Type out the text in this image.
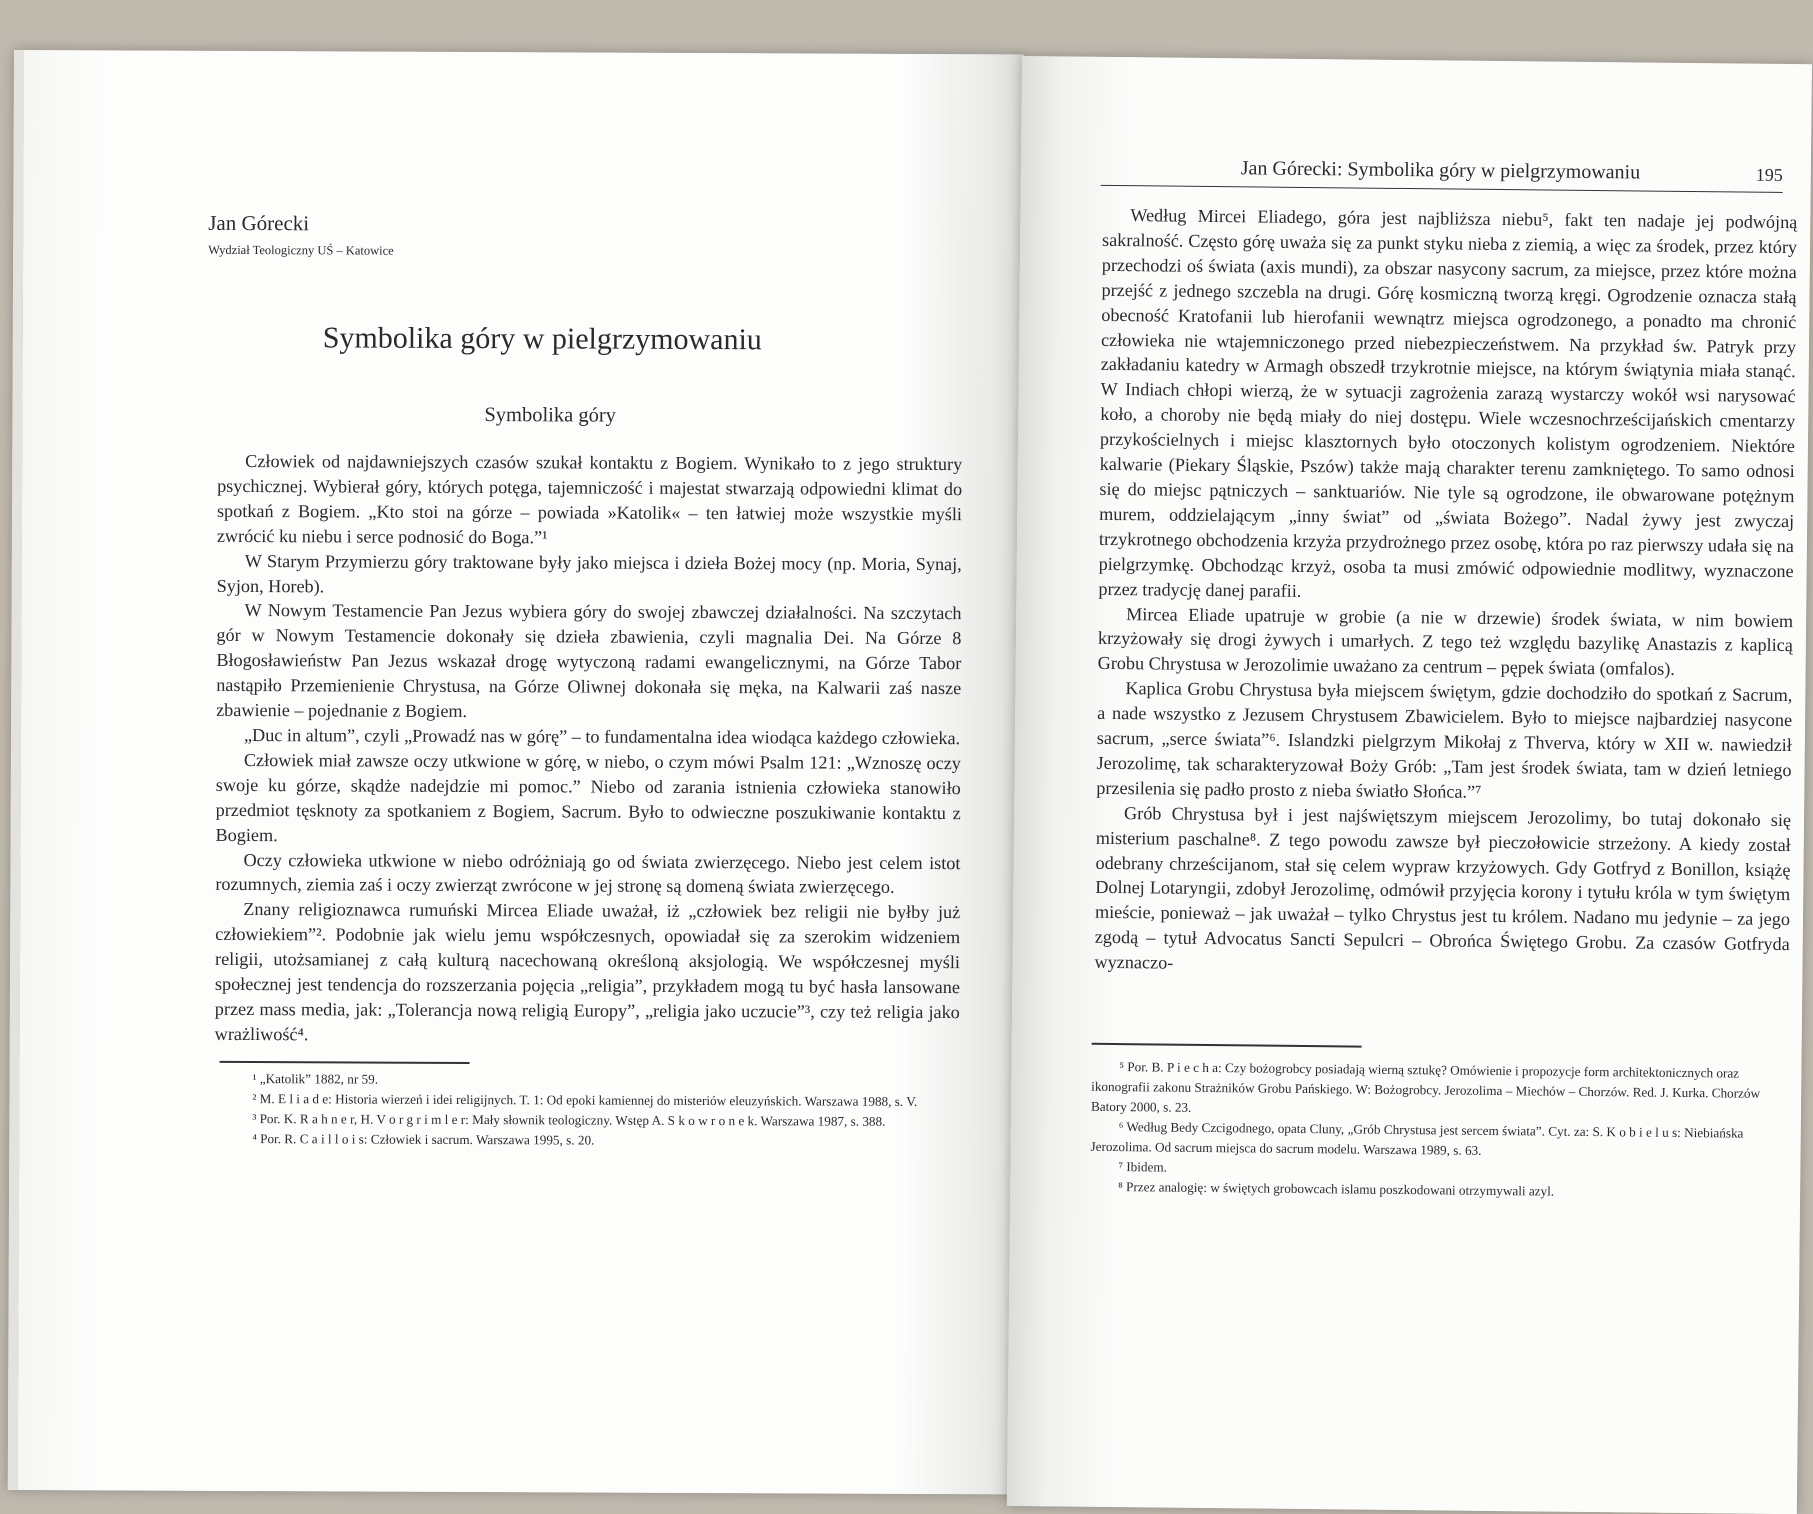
Jan Górecki
Wydział Teologiczny UŚ – Katowice
Symbolika góry w pielgrzymowaniu
Symbolika góry

Człowiek od najdawniejszych czasów szukał kontaktu z Bogiem. Wynikało to z jego struktury psychicznej. Wybierał góry, których potęga, tajemniczość i majestat stwarzają odpowiedni klimat do spotkań z Bogiem. „Kto stoi na górze – powiada »Katolik« – ten łatwiej może wszystkie myśli zwrócić ku niebu i serce podnosić do Boga.”¹

W Starym Przymierzu góry traktowane były jako miejsca i dzieła Bożej mocy (np. Moria, Synaj, Syjon, Horeb).

W Nowym Testamencie Pan Jezus wybiera góry do swojej zbawczej działalności. Na szczytach gór w Nowym Testamencie dokonały się dzieła zbawienia, czyli magnalia Dei. Na Górze 8 Błogosławieństw Pan Jezus wskazał drogę wytyczoną radami ewangelicznymi, na Górze Tabor nastąpiło Przemienienie Chrystusa, na Górze Oliwnej dokonała się męka, na Kalwarii zaś nasze zbawienie – pojednanie z Bogiem.

„Duc in altum”, czyli „Prowadź nas w górę” – to fundamentalna idea wiodąca każdego człowieka.

Człowiek miał zawsze oczy utkwione w górę, w niebo, o czym mówi Psalm 121: „Wznoszę oczy swoje ku górze, skądże nadejdzie mi pomoc.” Niebo od zarania istnienia człowieka stanowiło przedmiot tęsknoty za spotkaniem z Bogiem, Sacrum. Było to odwieczne poszukiwanie kontaktu z Bogiem.

Oczy człowieka utkwione w niebo odróżniają go od świata zwierzęcego. Niebo jest celem istot rozumnych, ziemia zaś i oczy zwierząt zwrócone w jej stronę są domeną świata zwierzęcego.

Znany religioznawca rumuński Mircea Eliade uważał, iż „człowiek bez religii nie byłby już człowiekiem”². Podobnie jak wielu jemu współczesnych, opowiadał się za szerokim widzeniem religii, utożsamianej z całą kulturą nacechowaną określoną aksjologią. We współczesnej myśli społecznej jest tendencja do rozszerzania pojęcia „religia”, przykładem mogą tu być hasła lansowane przez mass media, jak: „Tolerancja nową religią Europy”, „religia jako uczucie”³, czy też religia jako wrażliwość⁴.

¹ „Katolik” 1882, nr 59.

² M. E l i a d e: Historia wierzeń i idei religijnych. T. 1: Od epoki kamiennej do misteriów eleuzyńskich. Warszawa 1988, s. V.

³ Por. K. R a h n e r, H. V o r g r i m l e r: Mały słownik teologiczny. Wstęp A. S k o w r o n e k. Warszawa 1987, s. 388.

⁴ Por. R. C a i l l o i s: Człowiek i sacrum. Warszawa 1995, s. 20.

Jan Górecki: Symbolika góry w pielgrzymowaniu	195

Według Mircei Eliadego, góra jest najbliższa niebu⁵, fakt ten nadaje jej podwójną sakralność. Często górę uważa się za punkt styku nieba z ziemią, a więc za środek, przez który przechodzi oś świata (axis mundi), za obszar nasycony sacrum, za miejsce, przez które można przejść z jednego szczebla na drugi. Górę kosmiczną tworzą kręgi. Ogrodzenie oznacza stałą obecność Kratofanii lub hierofanii wewnątrz miejsca ogrodzonego, a ponadto ma chronić człowieka nie wtajemniczonego przed niebezpieczeństwem. Na przykład św. Patryk przy zakładaniu katedry w Armagh obszedł trzykrotnie miejsce, na którym świątynia miała stanąć. W Indiach chłopi wierzą, że w sytuacji zagrożenia zarazą wystarczy wokół wsi narysować koło, a choroby nie będą miały do niej dostępu. Wiele wczesnochrześcijańskich cmentarzy przykościelnych i miejsc klasztornych było otoczonych kolistym ogrodzeniem. Niektóre kalwarie (Piekary Śląskie, Pszów) także mają charakter terenu zamkniętego. To samo odnosi się do miejsc pątniczych – sanktuariów. Nie tyle są ogrodzone, ile obwarowane potężnym murem, oddzielającym „inny świat” od „świata Bożego”. Nadal żywy jest zwyczaj trzykrotnego obchodzenia krzyża przydrożnego przez osobę, która po raz pierwszy udała się na pielgrzymkę. Obchodząc krzyż, osoba ta musi zmówić odpowiednie modlitwy, wyznaczone przez tradycję danej parafii.

Mircea Eliade upatruje w grobie (a nie w drzewie) środek świata, w nim bowiem krzyżowały się drogi żywych i umarłych. Z tego też względu bazylikę Anastazis z kaplicą Grobu Chrystusa w Jerozolimie uważano za centrum – pępek świata (omfalos).

Kaplica Grobu Chrystusa była miejscem świętym, gdzie dochodziło do spotkań z Sacrum, a nade wszystko z Jezusem Chrystusem Zbawicielem. Było to miejsce najbardziej nasycone sacrum, „serce świata”⁶. Islandzki pielgrzym Mikołaj z Thverva, który w XII w. nawiedził Jerozolimę, tak scharakteryzował Boży Grób: „Tam jest środek świata, tam w dzień letniego przesilenia się padło prosto z nieba światło Słońca.”⁷

Grób Chrystusa był i jest najświętszym miejscem Jerozolimy, bo tutaj dokonało się misterium paschalne⁸. Z tego powodu zawsze był pieczołowicie strzeżony. A kiedy został odebrany chrześcijanom, stał się celem wypraw krzyżowych. Gdy Gotfryd z Bonillon, książę Dolnej Lotaryngii, zdobył Jerozolimę, odmówił przyjęcia korony i tytułu króla w tym świętym mieście, ponieważ – jak uważał – tylko Chrystus jest tu królem. Nadano mu jedynie – za jego zgodą – tytuł Advocatus Sancti Sepulcri – Obrońca Świętego Grobu. Za czasów Gotfryda wyznaczo-

⁵ Por. B. P i e c h a: Czy bożogrobcy posiadają wierną sztukę? Omówienie i propozycje form architektonicznych oraz ikonografii zakonu Strażników Grobu Pańskiego. W: Bożogrobcy. Jerozolima – Miechów – Chorzów. Red. J. Kurka. Chorzów Batory 2000, s. 23.

⁶ Według Bedy Czcigodnego, opata Cluny, „Grób Chrystusa jest sercem świata”. Cyt. za: S. K o b i e l u s: Niebiańska Jerozolima. Od sacrum miejsca do sacrum modelu. Warszawa 1989, s. 63.

⁷ Ibidem.

⁸ Przez analogię: w świętych grobowcach islamu poszkodowani otrzymywali azyl.
